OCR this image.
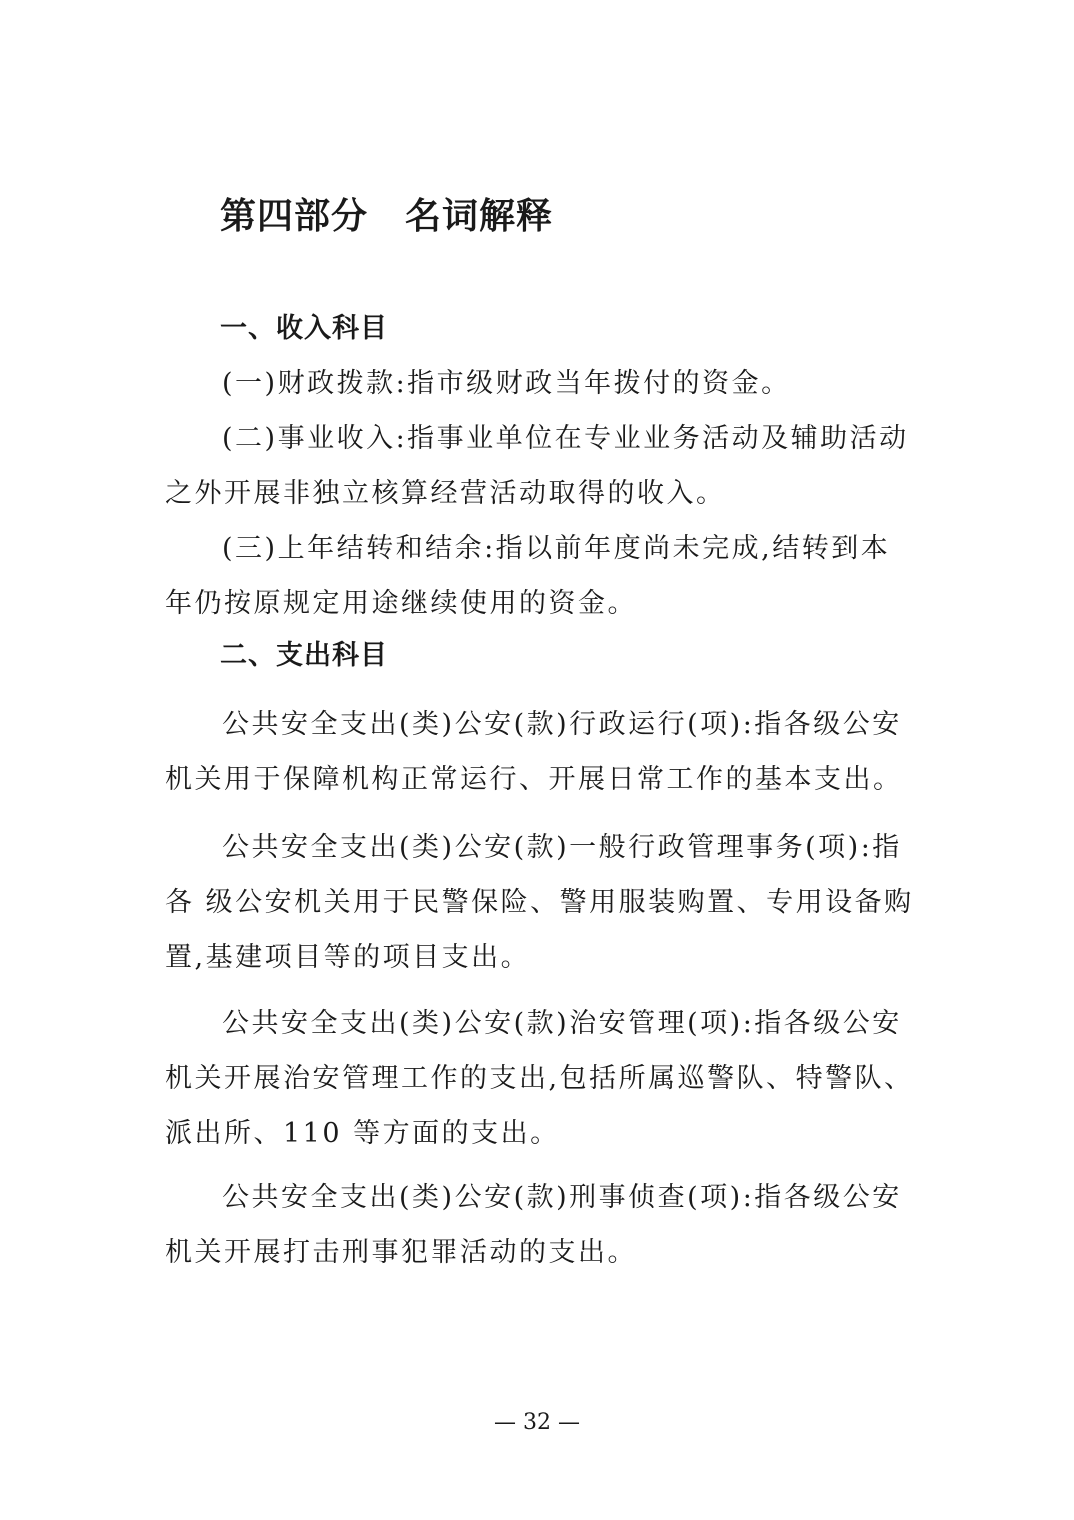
第四部分　名词解释
一、收入科目

(一)财政拨款:指市级财政当年拨付的资金。

(二)事业收入:指事业单位在专业业务活动及辅助活动之外开展非独立核算经营活动取得的收入。

(三)上年结转和结余:指以前年度尚未完成,结转到本年仍按原规定用途继续使用的资金。

二、支出科目

公共安全支出(类)公安(款)行政运行(项):指各级公安机关用于保障机构正常运行、开展日常工作的基本支出。

公共安全支出(类)公安(款)一般行政管理事务(项):指各 级公安机关用于民警保险、警用服装购置、专用设备购置,基建项目等的项目支出。

公共安全支出(类)公安(款)治安管理(项):指各级公安机关开展治安管理工作的支出,包括所属巡警队、特警队、派出所、110 等方面的支出。

公共安全支出(类)公安(款)刑事侦查(项):指各级公安机关开展打击刑事犯罪活动的支出。

— 32 —
